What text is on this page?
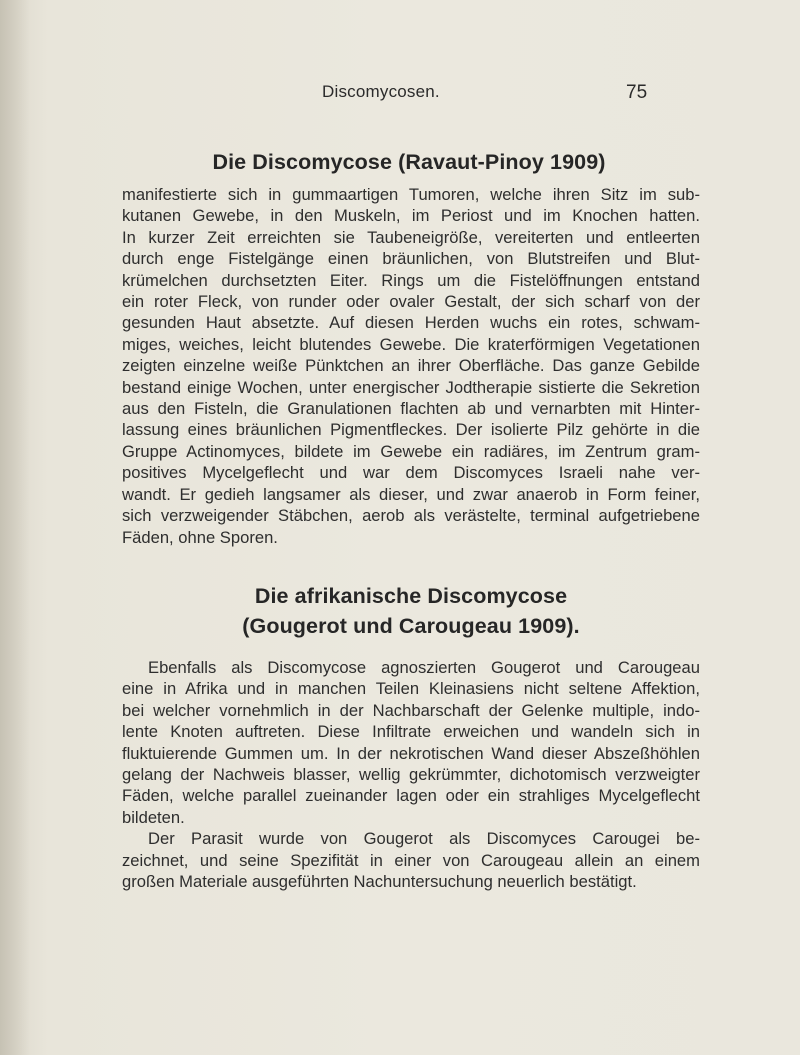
Discomycosen.	75
Die Discomycose (Ravaut-Pinoy 1909)

manifestierte sich in gummaartigen Tumoren, welche ihren Sitz im sub-
kutanen Gewebe, in den Muskeln, im Periost und im Knochen hatten.
In kurzer Zeit erreichten sie Taubeneigröße, vereiterten und entleerten
durch enge Fistelgänge einen bräunlichen, von Blutstreifen und Blut-
krümelchen durchsetzten Eiter. Rings um die Fistelöffnungen entstand
ein roter Fleck, von runder oder ovaler Gestalt, der sich scharf von der
gesunden Haut absetzte. Auf diesen Herden wuchs ein rotes, schwam-
miges, weiches, leicht blutendes Gewebe. Die kraterförmigen Vegetationen
zeigten einzelne weiße Pünktchen an ihrer Oberfläche. Das ganze Gebilde
bestand einige Wochen, unter energischer Jodtherapie sistierte die Sekretion
aus den Fisteln, die Granulationen flachten ab und vernarbten mit Hinter-
lassung eines bräunlichen Pigmentfleckes. Der isolierte Pilz gehörte in die
Gruppe Actinomyces, bildete im Gewebe ein radiäres, im Zentrum gram-
positives Mycelgeflecht und war dem Discomyces Israeli nahe ver-
wandt. Er gedieh langsamer als dieser, und zwar anaerob in Form feiner,
sich verzweigender Stäbchen, aerob als verästelte, terminal aufgetriebene
Fäden, ohne Sporen.

Die afrikanische Discomycose
(Gougerot und Carougeau 1909).

Ebenfalls als Discomycose agnoszierten Gougerot und Carougeau
eine in Afrika und in manchen Teilen Kleinasiens nicht seltene Affektion,
bei welcher vornehmlich in der Nachbarschaft der Gelenke multiple, indo-
lente Knoten auftreten. Diese Infiltrate erweichen und wandeln sich in
fluktuierende Gummen um. In der nekrotischen Wand dieser Abszeßhöhlen
gelang der Nachweis blasser, wellig gekrümmter, dichotomisch verzweigter
Fäden, welche parallel zueinander lagen oder ein strahliges Mycelgeflecht
bildeten.

Der Parasit wurde von Gougerot als Discomyces Carougei be-
zeichnet, und seine Spezifität in einer von Carougeau allein an einem
großen Materiale ausgeführten Nachuntersuchung neuerlich bestätigt.
